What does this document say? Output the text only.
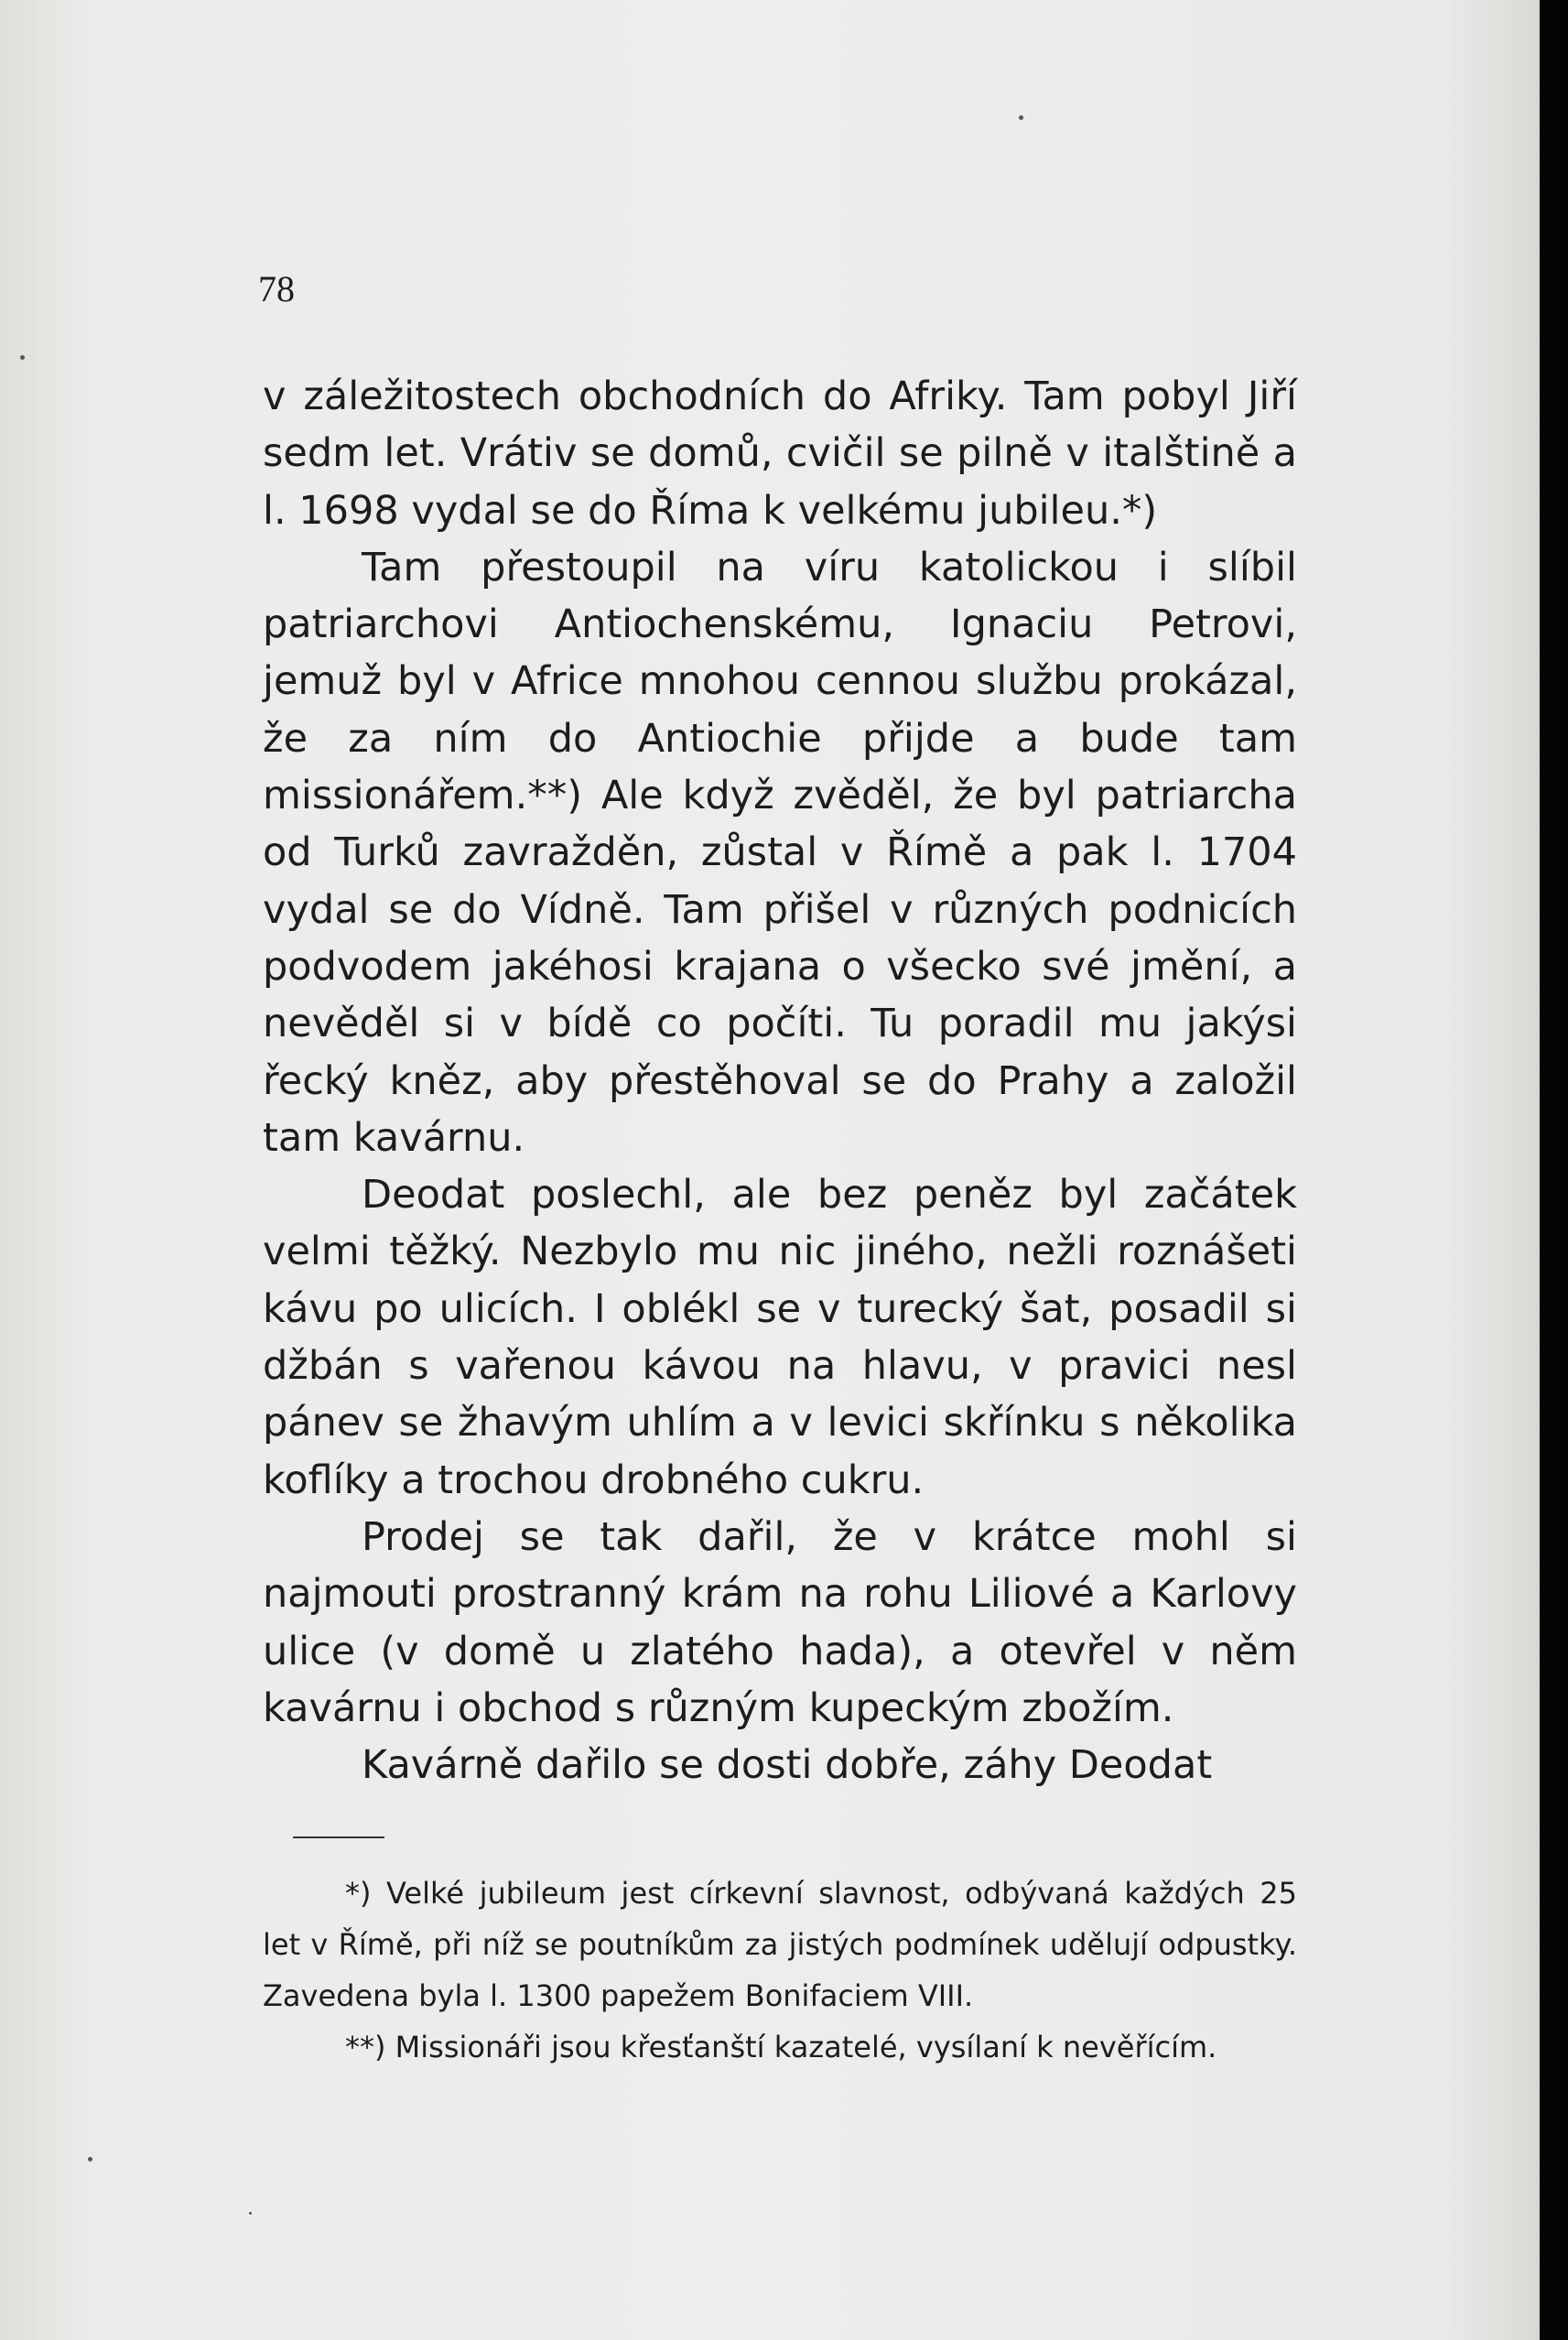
78

v záležitostech obchodních do Afriky. Tam pobyl Jiří sedm let. Vrátiv se domů, cvičil se pilně v italštině a l. 1698 vydal se do Říma k velkému jubileu.*)

Tam přestoupil na víru katolickou i slíbil patriarchovi Antiochenskému, Ignaciu Petrovi, jemuž byl v Africe mnohou cennou službu prokázal, že za ním do Antiochie přijde a bude tam missionářem.**) Ale když zvěděl, že byl patriarcha od Turků zavražděn, zůstal v Římě a pak l. 1704 vydal se do Vídně. Tam přišel v různých podnicích podvodem jakéhosi krajana o všecko své jmění, a nevěděl si v bídě co počíti. Tu poradil mu jakýsi řecký kněz, aby přestěhoval se do Prahy a založil tam kavárnu.

Deodat poslechl, ale bez peněz byl začátek velmi těžký. Nezbylo mu nic jiného, nežli roznášeti kávu po ulicích. I oblékl se v turecký šat, posadil si džbán s vařenou kávou na hlavu, v pravici nesl pánev se žhavým uhlím a v levici skřínku s několika koflíky a trochou drobného cukru.

Prodej se tak dařil, že v krátce mohl si najmouti prostranný krám na rohu Liliové a Karlovy ulice (v domě u zlatého hada), a otevřel v něm kavárnu i obchod s různým kupeckým zbožím.

Kavárně dařilo se dosti dobře, záhy Deodat

*) Velké jubileum jest církevní slavnost, odbývaná každých 25 let v Římě, při níž se poutníkům za jistých podmínek udělují odpustky. Zavedena byla l. 1300 papežem Bonifaciem VIII.

**) Missionáři jsou křesťanští kazatelé, vysílaní k nevěřícím.
